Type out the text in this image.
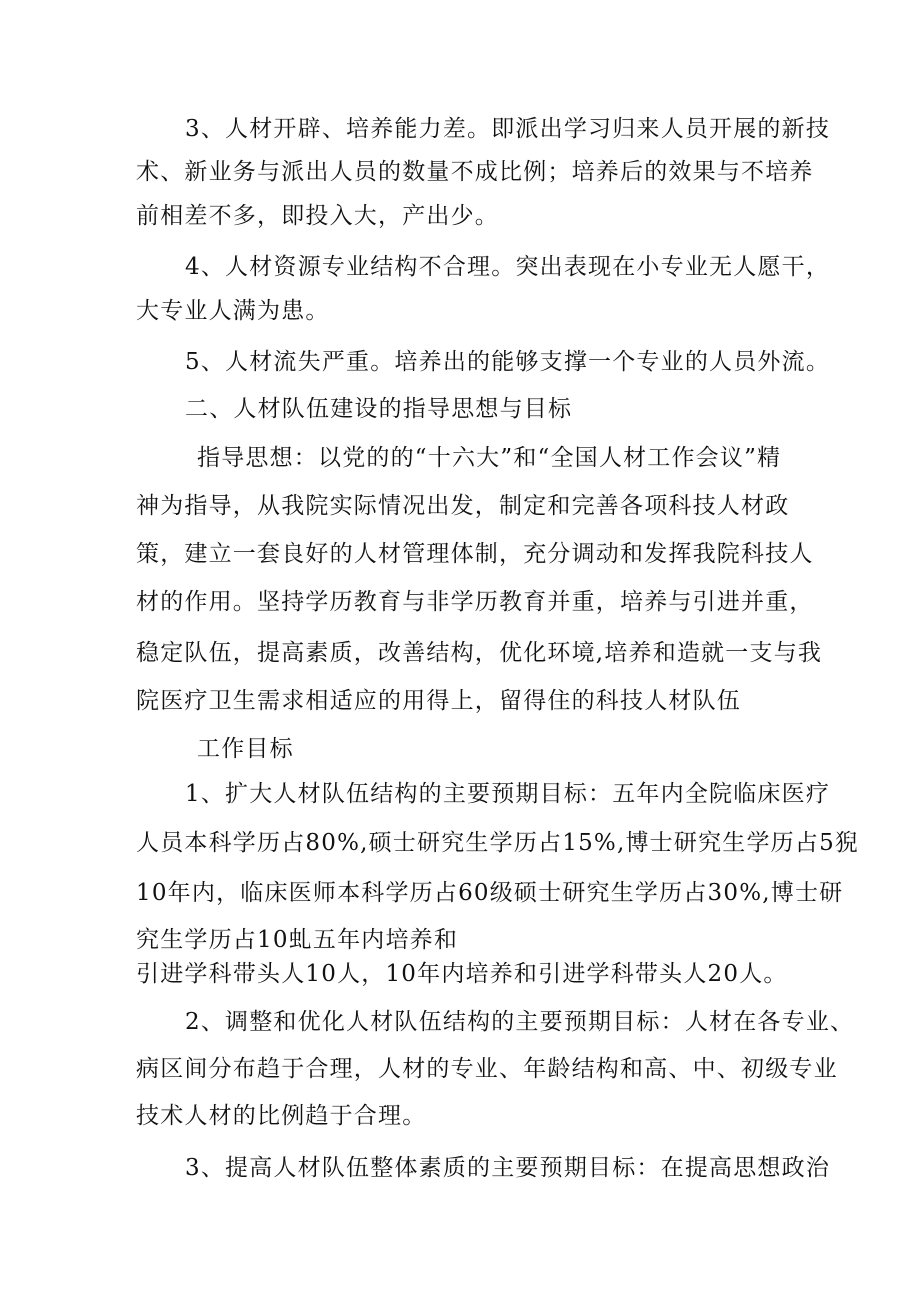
3、人材开辟、培养能力差。即派出学习归来人员开展的新技
术、新业务与派出人员的数量不成比例；培养后的效果与不培养
前相差不多，即投入大，产出少。
4、人材资源专业结构不合理。突出表现在小专业无人愿干，
大专业人满为患。
5、人材流失严重。培养出的能够支撑一个专业的人员外流。
二、人材队伍建设的指导思想与目标
指导思想：以党的的“十六大”和“全国人材工作会议”精
神为指导，从我院实际情况出发，制定和完善各项科技人材政
策，建立一套良好的人材管理体制，充分调动和发挥我院科技人
材的作用。坚持学历教育与非学历教育并重，培养与引进并重，
稳定队伍，提高素质，改善结构，优化环境,培养和造就一支与我
院医疗卫生需求相适应的用得上，留得住的科技人材队伍
工作目标
1、扩大人材队伍结构的主要预期目标：五年内全院临床医疗
人员本科学历占80%,硕士研究生学历占15%,博士研究生学历占5猊
10年内，临床医师本科学历占60级硕士研究生学历占30%,博士研
究生学历占10虬五年内培养和
引进学科带头人10人，10年内培养和引进学科带头人20人。
2、调整和优化人材队伍结构的主要预期目标：人材在各专业、
病区间分布趋于合理，人材的专业、年龄结构和高、中、初级专业
技术人材的比例趋于合理。
3、提高人材队伍整体素质的主要预期目标：在提高思想政治
